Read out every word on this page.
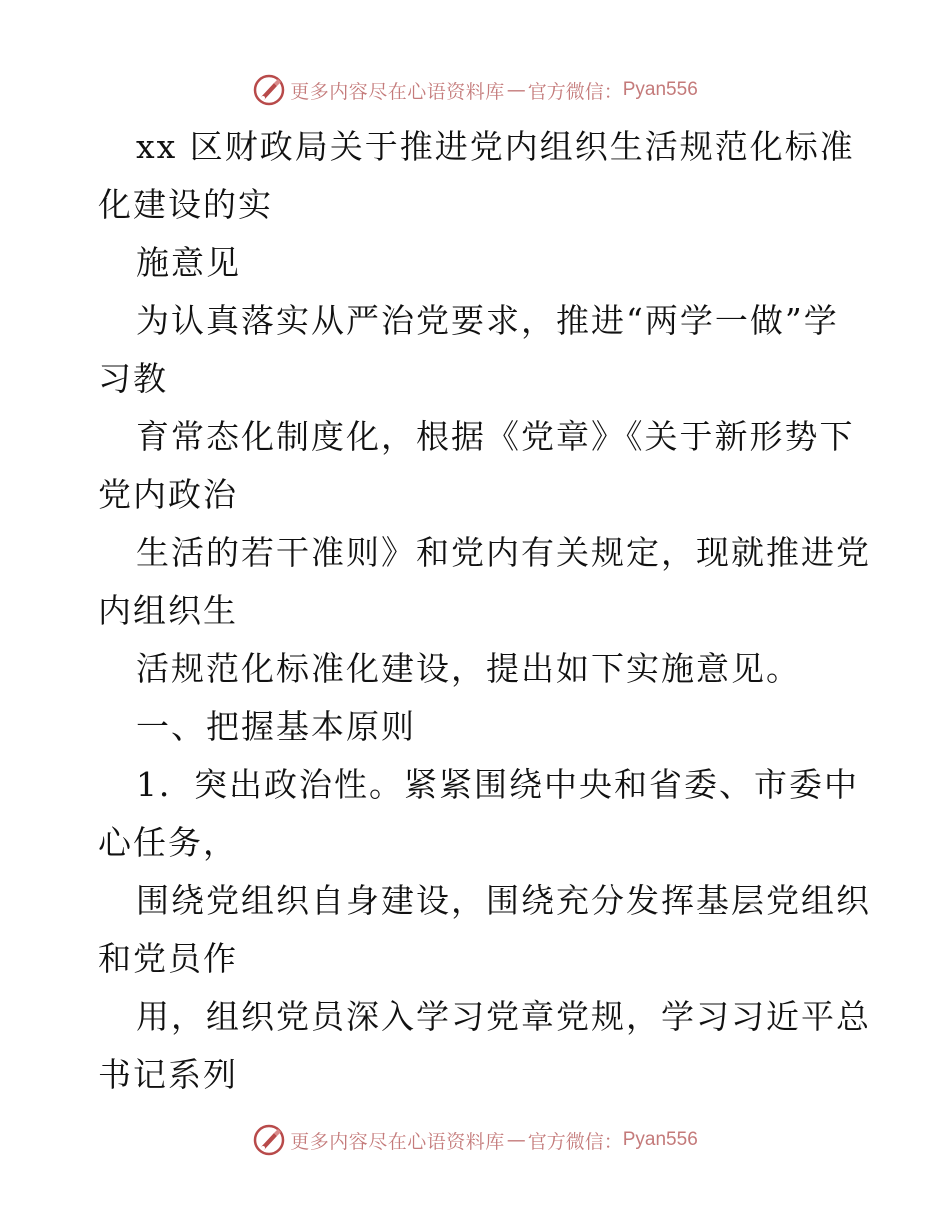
更多内容尽在心语资料库 — 官方微信： Pyan556
xx 区财政局关于推进党内组织生活规范化标准
化建设的实
施意见
为认真落实从严治党要求，推进“两学一做”学
习教
育常态化制度化，根据《党章》《关于新形势下
党内政治
生活的若干准则》和党内有关规定，现就推进党
内组织生
活规范化标准化建设，提出如下实施意见。
一、把握基本原则
1．突出政治性。紧紧围绕中央和省委、市委中
心任务，
围绕党组织自身建设，围绕充分发挥基层党组织
和党员作
用，组织党员深入学习党章党规，学习习近平总
书记系列
更多内容尽在心语资料库 — 官方微信： Pyan556
